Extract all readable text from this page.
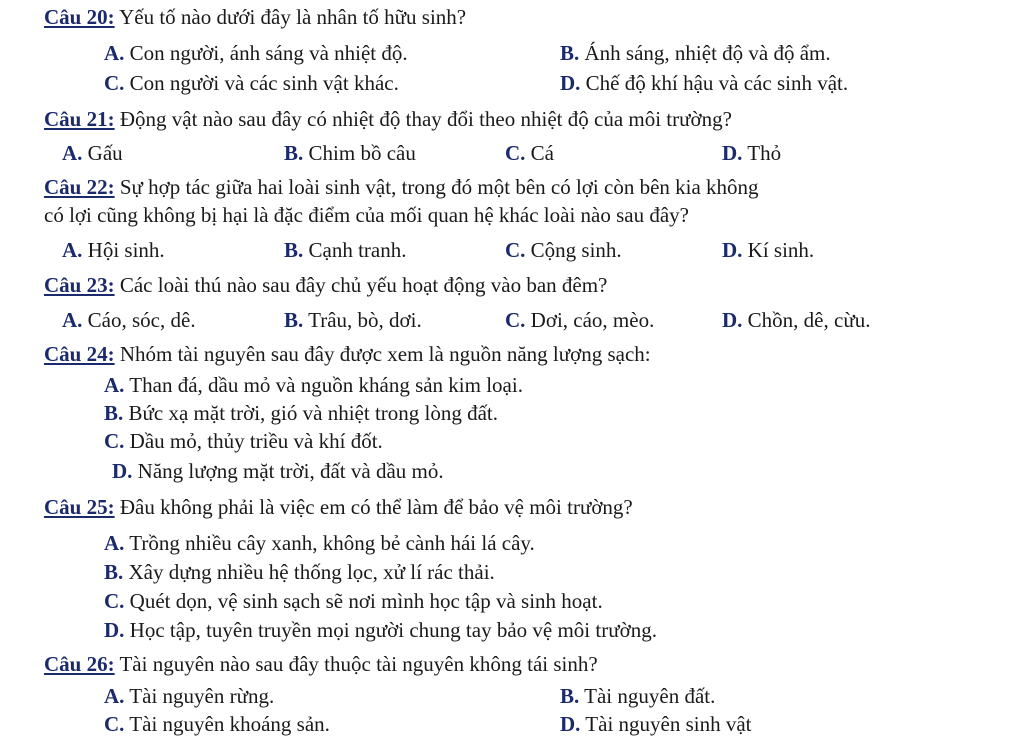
Câu 20: Yếu tố nào dưới đây là nhân tố hữu sinh?
A. Con người, ánh sáng và nhiệt độ.	B. Ánh sáng, nhiệt độ và độ ẩm.
C. Con người và các sinh vật khác.	D. Chế độ khí hậu và các sinh vật.
Câu 21: Động vật nào sau đây có nhiệt độ thay đổi theo nhiệt độ của môi trường?
A. Gấu	B. Chim bồ câu	C. Cá	D. Thỏ
Câu 22: Sự hợp tác giữa hai loài sinh vật, trong đó một bên có lợi còn bên kia không
có lợi cũng không bị hại là đặc điểm của mối quan hệ khác loài nào sau đây?
A. Hội sinh.	B. Cạnh tranh.	C. Cộng sinh.	D. Kí sinh.
Câu 23: Các loài thú nào sau đây chủ yếu hoạt động vào ban đêm?
A. Cáo, sóc, dê.	B. Trâu, bò, dơi.	C. Dơi, cáo, mèo.	D. Chồn, dê, cừu.
Câu 24: Nhóm tài nguyên sau đây được xem là nguồn năng lượng sạch:
A. Than đá, dầu mỏ và nguồn kháng sản kim loại.
B. Bức xạ mặt trời, gió và nhiệt trong lòng đất.
C. Dầu mỏ, thủy triều và khí đốt.
D. Năng lượng mặt trời, đất và dầu mỏ.
Câu 25: Đâu không phải là việc em có thể làm để bảo vệ môi trường?
A. Trồng nhiều cây xanh, không bẻ cành hái lá cây.
B. Xây dựng nhiều hệ thống lọc, xử lí rác thải.
C. Quét dọn, vệ sinh sạch sẽ nơi mình học tập và sinh hoạt.
D. Học tập, tuyên truyền mọi người chung tay bảo vệ môi trường.
Câu 26: Tài nguyên nào sau đây thuộc tài nguyên không tái sinh?
A. Tài nguyên rừng.	B. Tài nguyên đất.
C. Tài nguyên khoáng sản.	D. Tài nguyên sinh vật
